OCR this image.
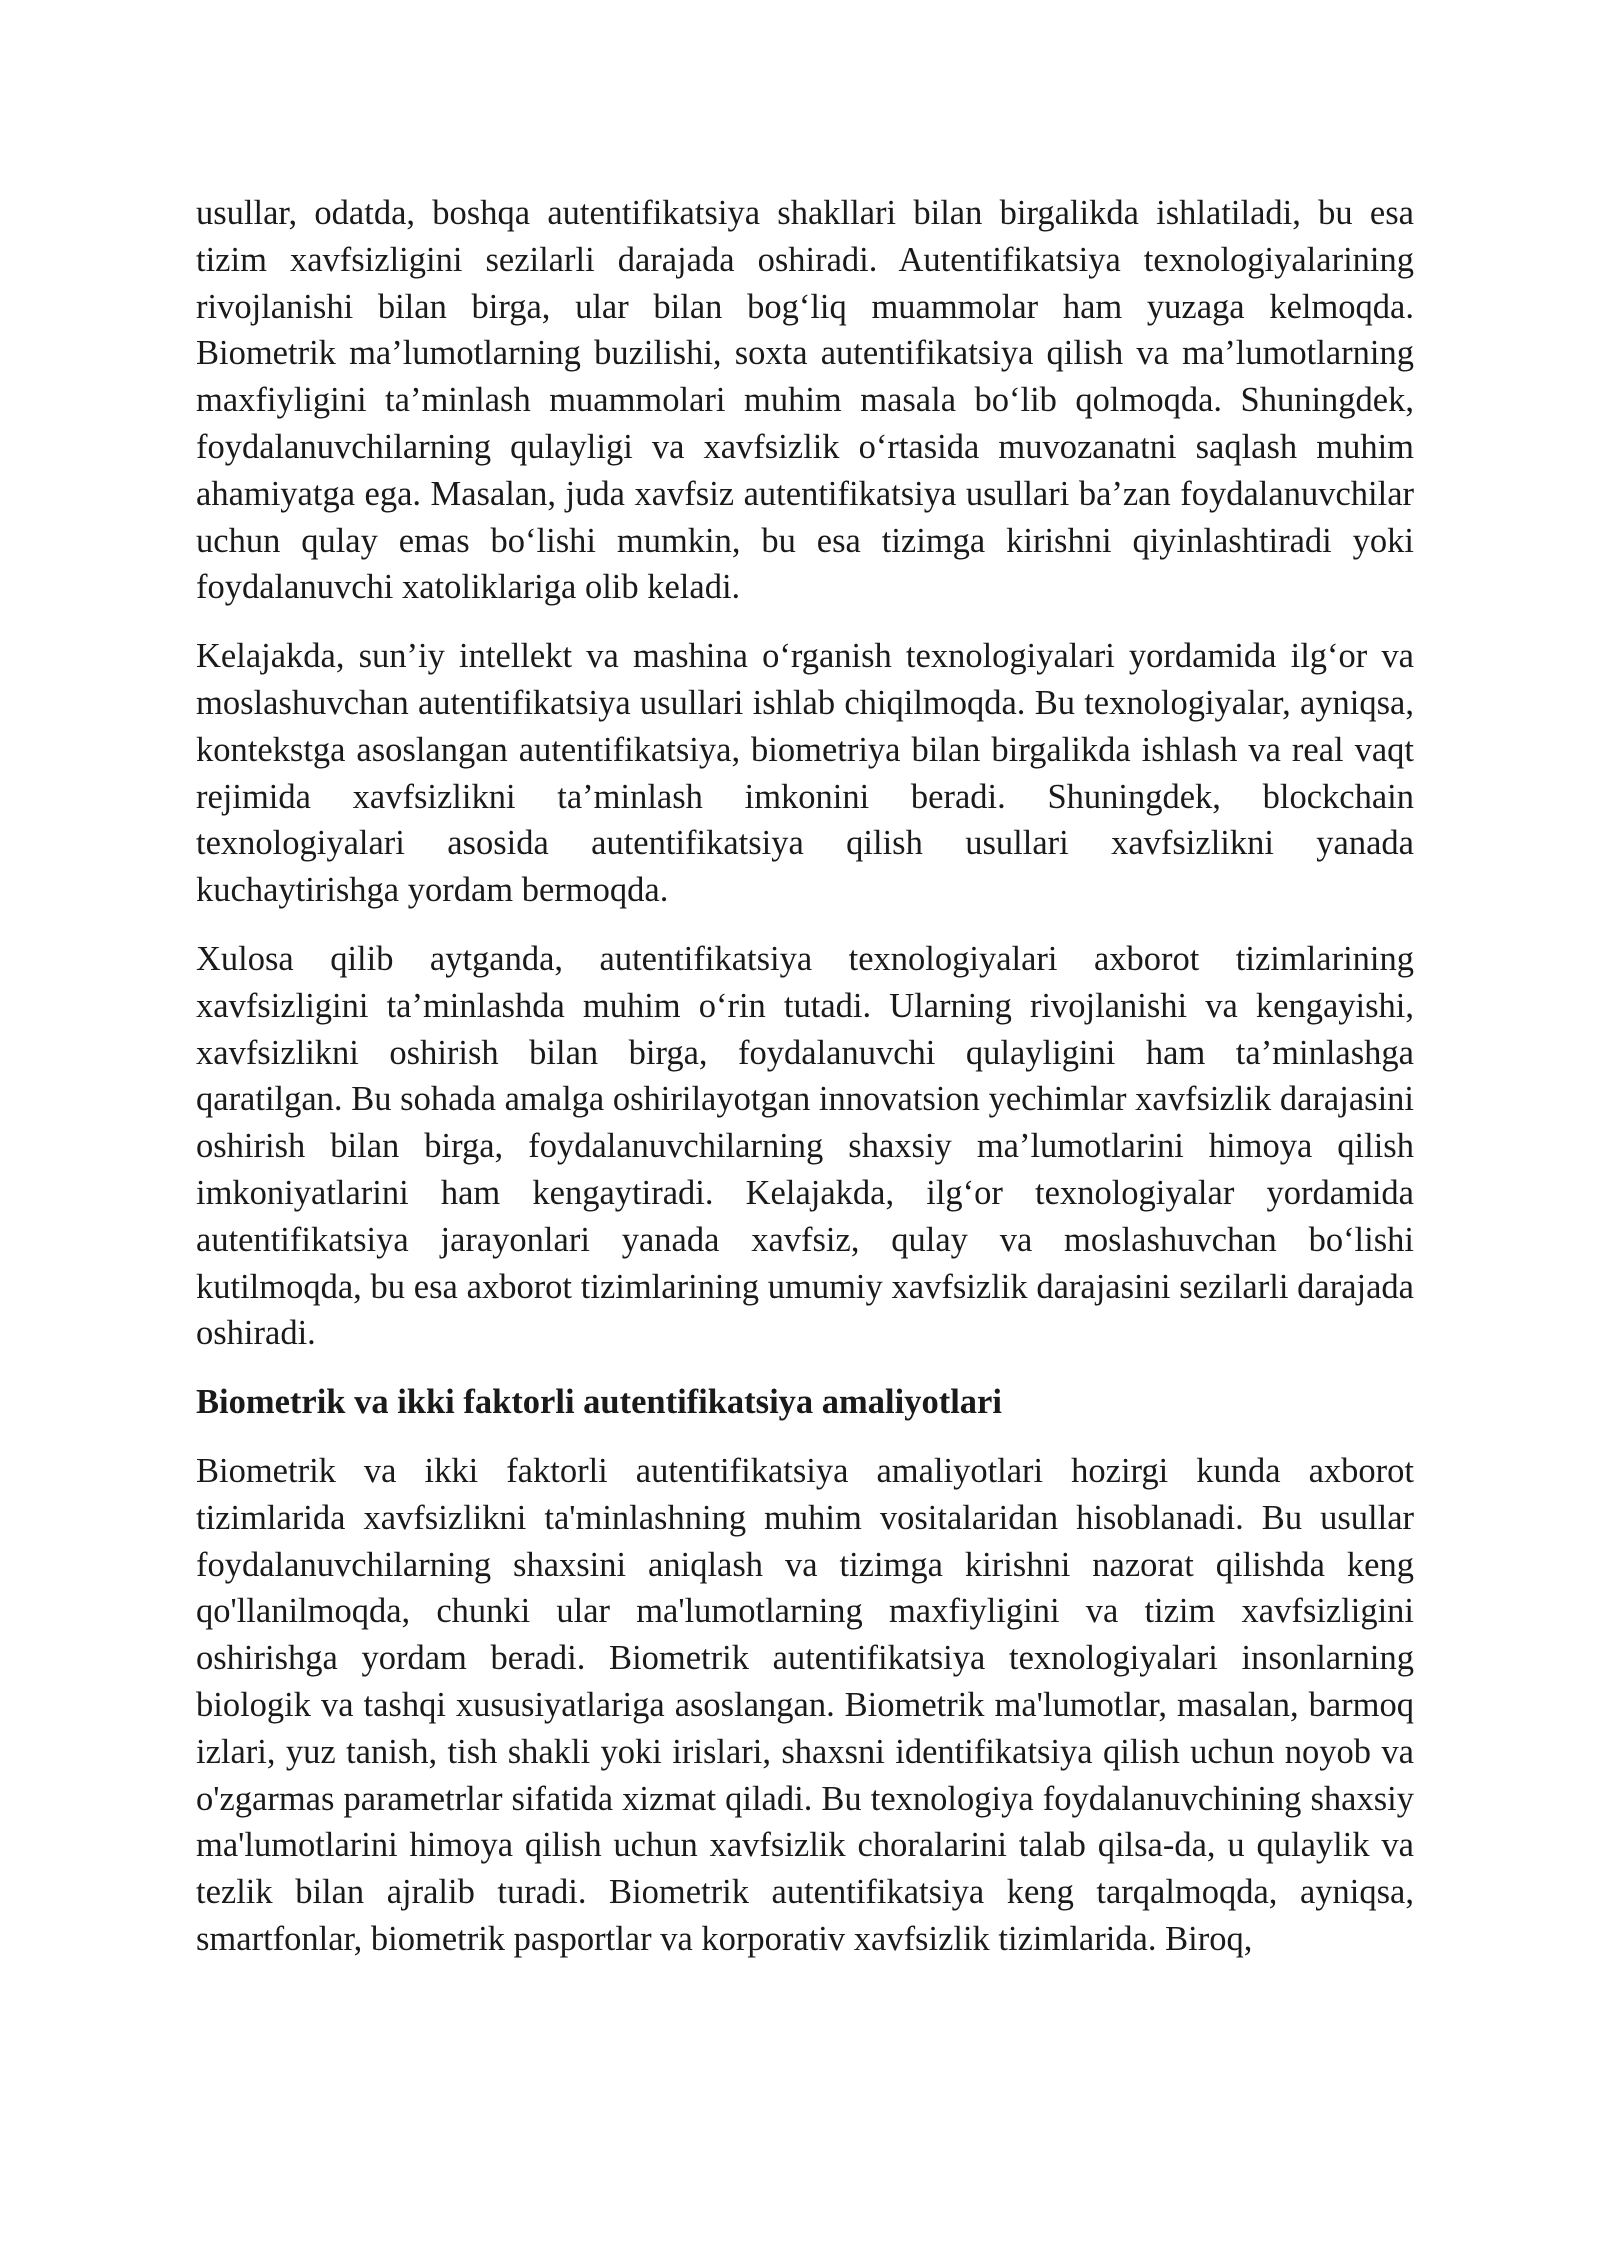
usullar, odatda, boshqa autentifikatsiya shakllari bilan birgalikda ishlatiladi, bu esa tizim xavfsizligini sezilarli darajada oshiradi. Autentifikatsiya texnologiyalarining rivojlanishi bilan birga, ular bilan bog‘liq muammolar ham yuzaga kelmoqda. Biometrik ma’lumotlarning buzilishi, soxta autentifikatsiya qilish va ma’lumotlarning maxfiyligini ta’minlash muammolari muhim masala bo‘lib qolmoqda. Shuningdek, foydalanuvchilarning qulayligi va xavfsizlik o‘rtasida muvozanatni saqlash muhim ahamiyatga ega. Masalan, juda xavfsiz autentifikatsiya usullari ba’zan foydalanuvchilar uchun qulay emas bo‘lishi mumkin, bu esa tizimga kirishni qiyinlashtiradi yoki foydalanuvchi xatoliklariga olib keladi.

Kelajakda, sun’iy intellekt va mashina o‘rganish texnologiyalari yordamida ilg‘or va moslashuvchan autentifikatsiya usullari ishlab chiqilmoqda. Bu texnologiyalar, ayniqsa, kontekstga asoslangan autentifikatsiya, biometriya bilan birgalikda ishlash va real vaqt rejimida xavfsizlikni ta’minlash imkonini beradi. Shuningdek, blockchain texnologiyalari asosida autentifikatsiya qilish usullari xavfsizlikni yanada kuchaytirishga yordam bermoqda.

Xulosa qilib aytganda, autentifikatsiya texnologiyalari axborot tizimlarining xavfsizligini ta’minlashda muhim o‘rin tutadi. Ularning rivojlanishi va kengayishi, xavfsizlikni oshirish bilan birga, foydalanuvchi qulayligini ham ta’minlashga qaratilgan. Bu sohada amalga oshirilayotgan innovatsion yechimlar xavfsizlik darajasini oshirish bilan birga, foydalanuvchilarning shaxsiy ma’lumotlarini himoya qilish imkoniyatlarini ham kengaytiradi. Kelajakda, ilg‘or texnologiyalar yordamida autentifikatsiya jarayonlari yanada xavfsiz, qulay va moslashuvchan bo‘lishi kutilmoqda, bu esa axborot tizimlarining umumiy xavfsizlik darajasini sezilarli darajada oshiradi.

Biometrik va ikki faktorli autentifikatsiya amaliyotlari

Biometrik va ikki faktorli autentifikatsiya amaliyotlari hozirgi kunda axborot tizimlarida xavfsizlikni ta'minlashning muhim vositalaridan hisoblanadi. Bu usullar foydalanuvchilarning shaxsini aniqlash va tizimga kirishni nazorat qilishda keng qo'llanilmoqda, chunki ular ma'lumotlarning maxfiyligini va tizim xavfsizligini oshirishga yordam beradi. Biometrik autentifikatsiya texnologiyalari insonlarning biologik va tashqi xususiyatlariga asoslangan. Biometrik ma'lumotlar, masalan, barmoq izlari, yuz tanish, tish shakli yoki irislari, shaxsni identifikatsiya qilish uchun noyob va o'zgarmas parametrlar sifatida xizmat qiladi. Bu texnologiya foydalanuvchining shaxsiy ma'lumotlarini himoya qilish uchun xavfsizlik choralarini talab qilsa-da, u qulaylik va tezlik bilan ajralib turadi. Biometrik autentifikatsiya keng tarqalmoqda, ayniqsa, smartfonlar, biometrik pasportlar va korporativ xavfsizlik tizimlarida. Biroq,
